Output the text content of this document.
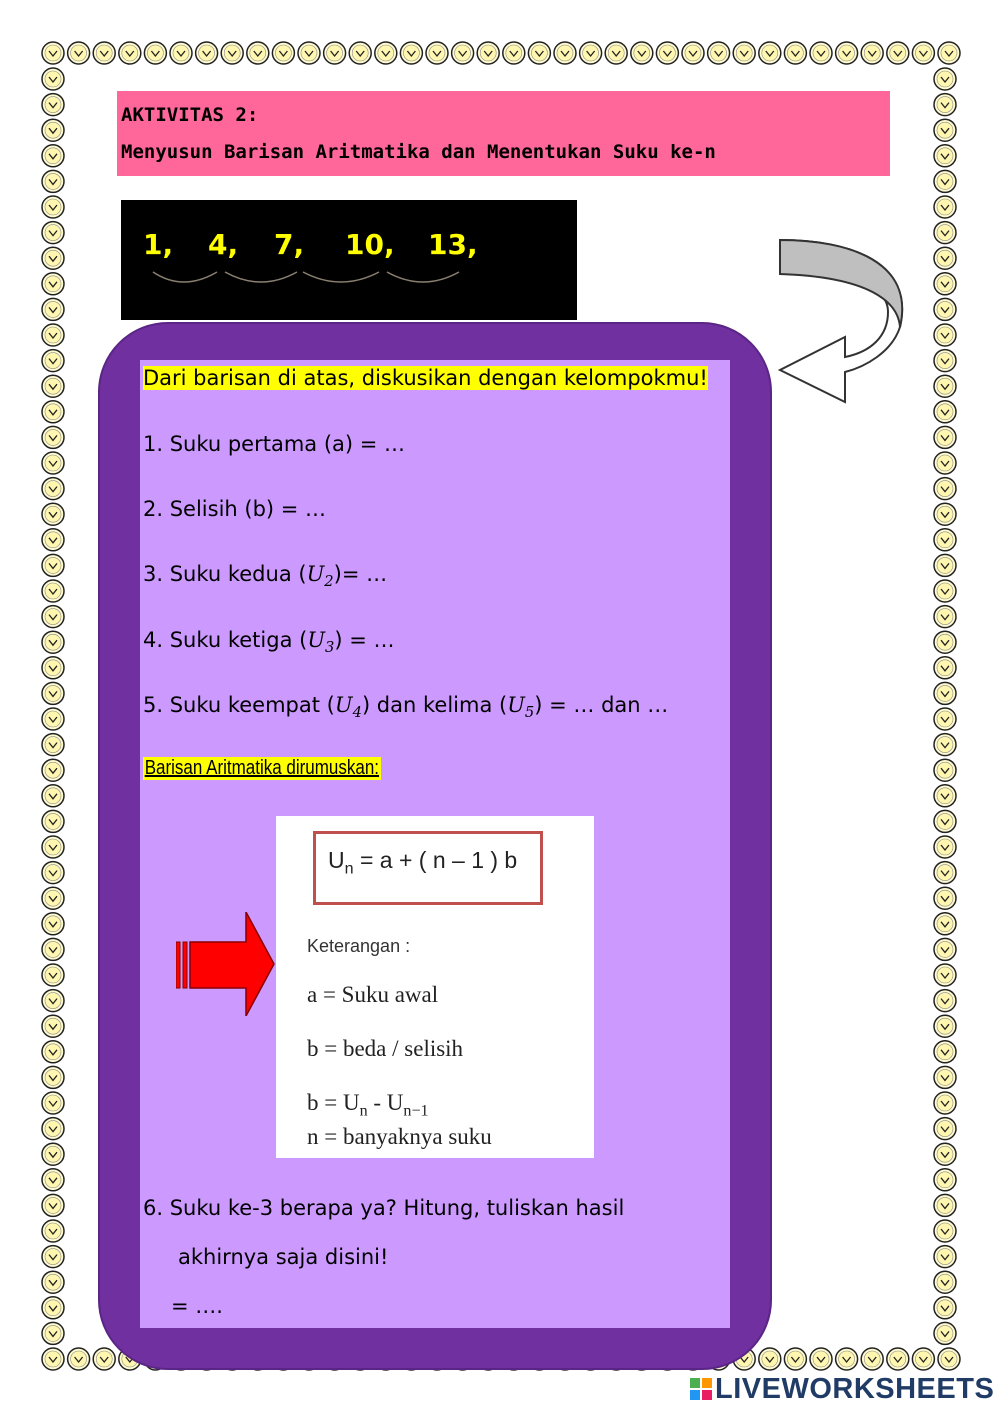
AKTIVITAS 2:
Menyusun Barisan Aritmatika dan Menentukan Suku ke-n
1, 4, 7, 10, 13,
Dari barisan di atas, diskusikan dengan kelompokmu!
1. Suku pertama (a) = …
2. Selisih (b) = …
3. Suku kedua $(U_2)=$ …
4. Suku ketiga $(U_3)$ = …
5. Suku keempat $(U_4)$ dan kelima $(U_5)$ = … dan …
Barisan Aritmatika dirumuskan:
$U_n = a$ + ( n – 1 ) b
Keterangan :
a = Suku awal
b = beda / selisih
$b = U_n - U_{n-1}$
n = banyaknya suku
6. Suku ke-3 berapa ya? Hitung, tuliskan hasil
akhirnya saja disini!
= ….
LIVEWORKSHEETS
